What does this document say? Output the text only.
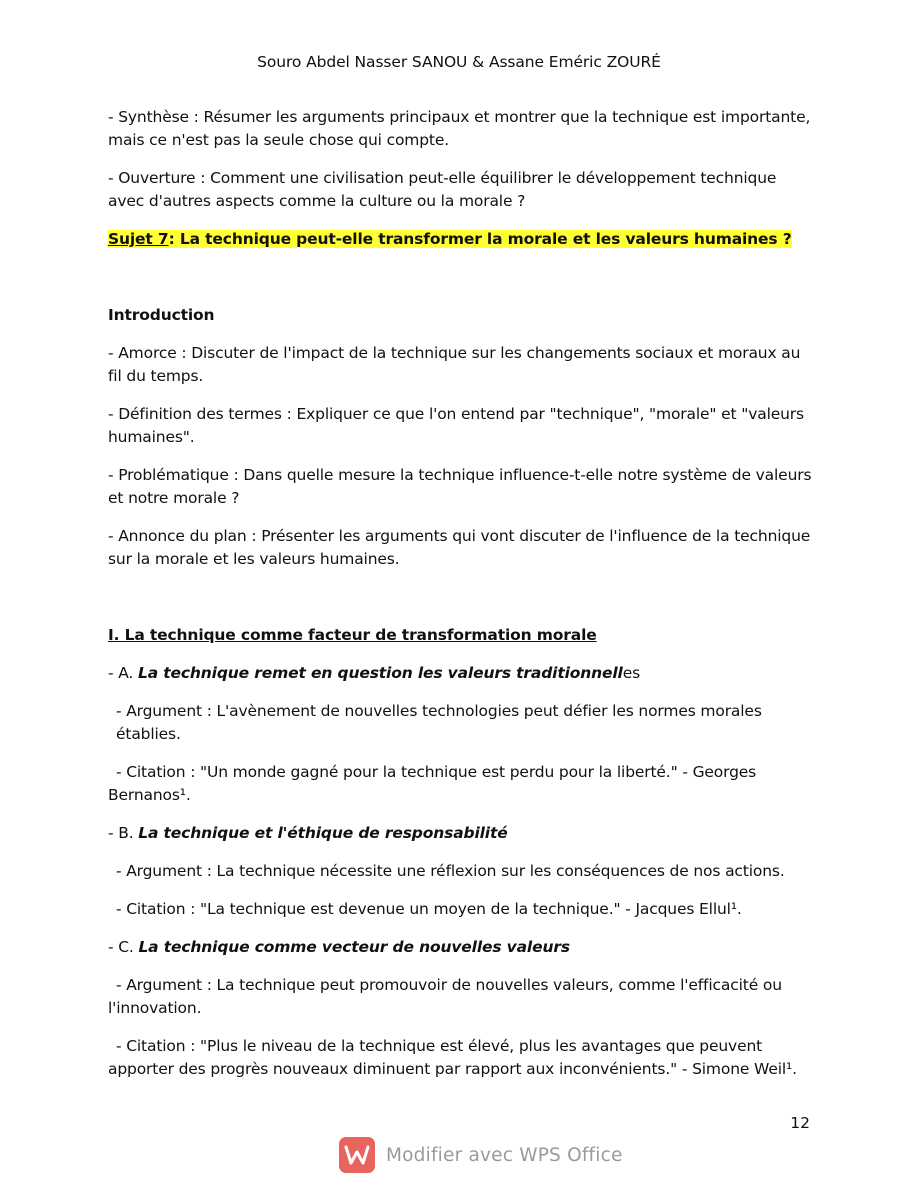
Souro Abdel Nasser SANOU & Assane Eméric ZOURÉ

- Synthèse : Résumer les arguments principaux et montrer que la technique est importante, mais ce n'est pas la seule chose qui compte.

- Ouverture : Comment une civilisation peut-elle équilibrer le développement technique avec d'autres aspects comme la culture ou la morale ?

Sujet 7: La technique peut-elle transformer la morale et les valeurs humaines ?

Introduction

- Amorce : Discuter de l'impact de la technique sur les changements sociaux et moraux au fil du temps.

- Définition des termes : Expliquer ce que l'on entend par "technique", "morale" et "valeurs humaines".

- Problématique : Dans quelle mesure la technique influence-t-elle notre système de valeurs et notre morale ?

- Annonce du plan : Présenter les arguments qui vont discuter de l'influence de la technique sur la morale et les valeurs humaines.

I. La technique comme facteur de transformation morale

- A. La technique remet en question les valeurs traditionnelles

- Argument : L'avènement de nouvelles technologies peut défier les normes morales établies.

- Citation : "Un monde gagné pour la technique est perdu pour la liberté." - Georges Bernanos¹.

- B. La technique et l'éthique de responsabilité

- Argument : La technique nécessite une réflexion sur les conséquences de nos actions.

- Citation : "La technique est devenue un moyen de la technique." - Jacques Ellul¹.

- C. La technique comme vecteur de nouvelles valeurs

- Argument : La technique peut promouvoir de nouvelles valeurs, comme l'efficacité ou l'innovation.

- Citation : "Plus le niveau de la technique est élevé, plus les avantages que peuvent apporter des progrès nouveaux diminuent par rapport aux inconvénients." - Simone Weil¹.

12
Modifier avec WPS Office
